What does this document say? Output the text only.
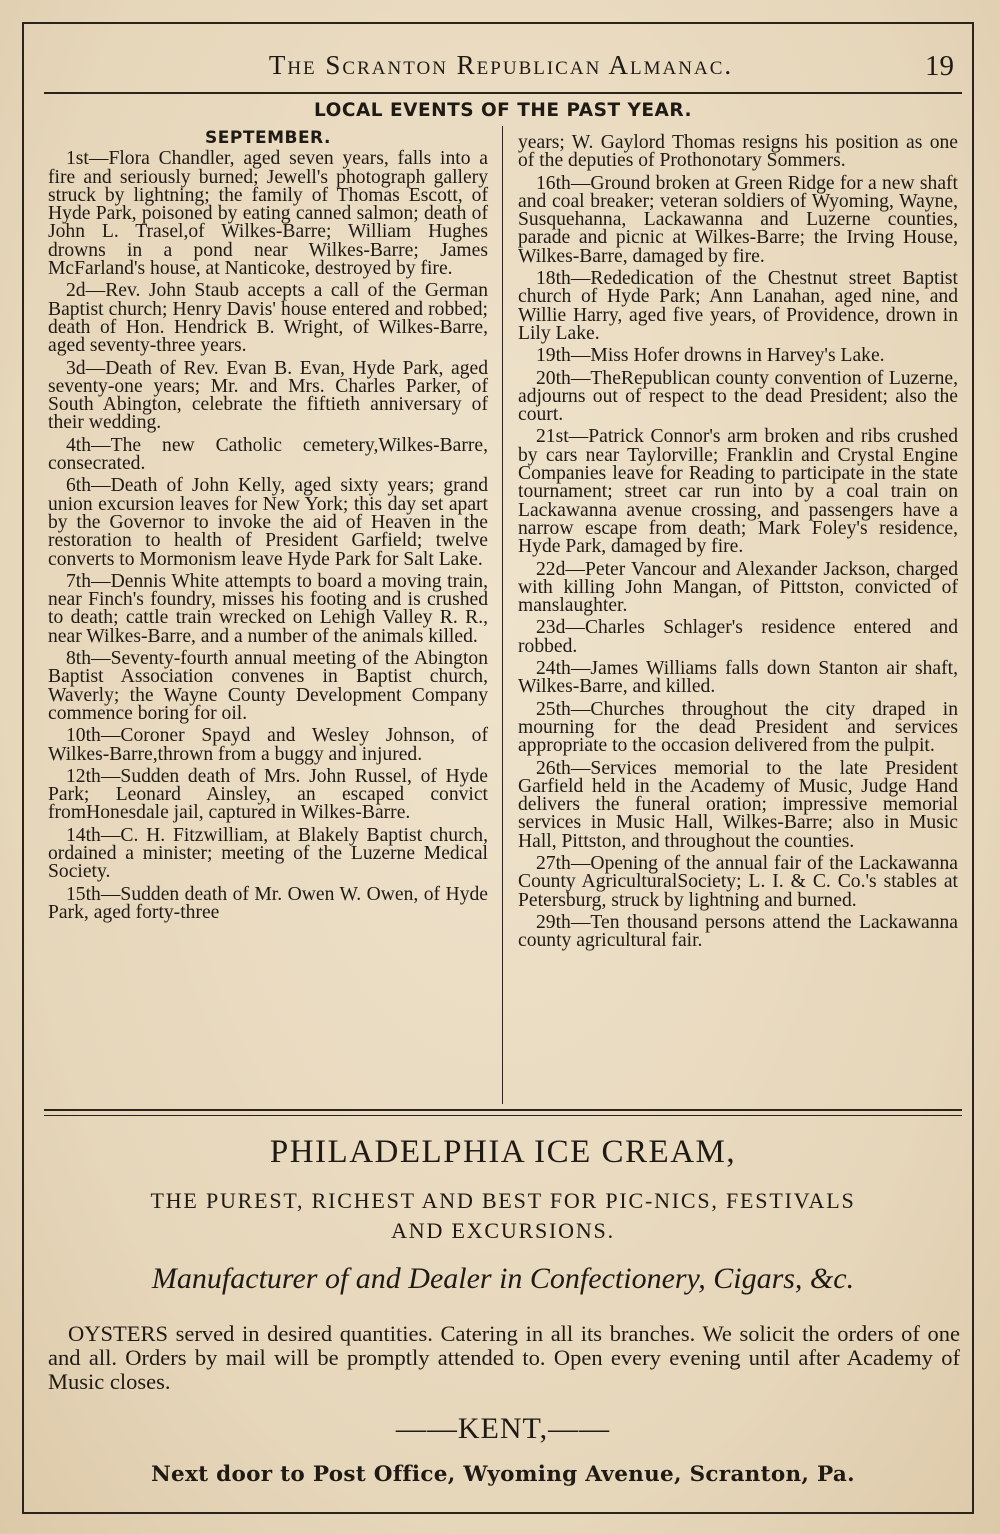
The Scranton Republican Almanac.	19
LOCAL EVENTS OF THE PAST YEAR.
SEPTEMBER.

1st—Flora Chandler, aged seven years, falls into a fire and seriously burned; Jewell's photograph gallery struck by lightning; the family of Thomas Escott, of Hyde Park, poisoned by eating canned salmon; death of John L. Trasel,of Wilkes-Barre; William Hughes drowns in a pond near Wilkes-Barre; James McFarland's house, at Nanticoke, destroyed by fire.

2d—Rev. John Staub accepts a call of the German Baptist church; Henry Davis' house entered and robbed; death of Hon. Hendrick B. Wright, of Wilkes-Barre, aged seventy-three years.

3d—Death of Rev. Evan B. Evan, Hyde Park, aged seventy-one years; Mr. and Mrs. Charles Parker, of South Abington, celebrate the fiftieth anniversary of their wedding.

4th—The new Catholic cemetery,Wilkes-Barre, consecrated.

6th—Death of John Kelly, aged sixty years; grand union excursion leaves for New York; this day set apart by the Governor to invoke the aid of Heaven in the restoration to health of President Garfield; twelve converts to Mormonism leave Hyde Park for Salt Lake.

7th—Dennis White attempts to board a moving train, near Finch's foundry, misses his footing and is crushed to death; cattle train wrecked on Lehigh Valley R. R., near Wilkes-Barre, and a number of the animals killed.

8th—Seventy-fourth annual meeting of the Abington Baptist Association convenes in Baptist church, Waverly; the Wayne County Development Company commence boring for oil.

10th—Coroner Spayd and Wesley Johnson, of Wilkes-Barre,thrown from a buggy and injured.

12th—Sudden death of Mrs. John Russel, of Hyde Park; Leonard Ainsley, an escaped convict fromHonesdale jail, captured in Wilkes-Barre.

14th—C. H. Fitzwilliam, at Blakely Baptist church, ordained a minister; meeting of the Luzerne Medical Society.

15th—Sudden death of Mr. Owen W. Owen, of Hyde Park, aged forty-three

years; W. Gaylord Thomas resigns his position as one of the deputies of Prothonotary Sommers.

16th—Ground broken at Green Ridge for a new shaft and coal breaker; veteran soldiers of Wyoming, Wayne, Susquehanna, Lackawanna and Luzerne counties, parade and picnic at Wilkes-Barre; the Irving House, Wilkes-Barre, damaged by fire.

18th—Rededication of the Chestnut street Baptist church of Hyde Park; Ann Lanahan, aged nine, and Willie Harry, aged five years, of Providence, drown in Lily Lake.

19th—Miss Hofer drowns in Harvey's Lake.

20th—TheRepublican county convention of Luzerne, adjourns out of respect to the dead President; also the court.

21st—Patrick Connor's arm broken and ribs crushed by cars near Taylorville; Franklin and Crystal Engine Companies leave for Reading to participate in the state tournament; street car run into by a coal train on Lackawanna avenue crossing, and passengers have a narrow escape from death; Mark Foley's residence, Hyde Park, damaged by fire.

22d—Peter Vancour and Alexander Jackson, charged with killing John Mangan, of Pittston, convicted of manslaughter.

23d—Charles Schlager's residence entered and robbed.

24th—James Williams falls down Stanton air shaft, Wilkes-Barre, and killed.

25th—Churches throughout the city draped in mourning for the dead President and services appropriate to the occasion delivered from the pulpit.

26th—Services memorial to the late President Garfield held in the Academy of Music, Judge Hand delivers the funeral oration; impressive memorial services in Music Hall, Wilkes-Barre; also in Music Hall, Pittston, and throughout the counties.

27th—Opening of the annual fair of the Lackawanna County AgriculturalSociety; L. I. & C. Co.'s stables at Petersburg, struck by lightning and burned.

29th—Ten thousand persons attend the Lackawanna county agricultural fair.

PHILADELPHIA ICE CREAM,
THE PUREST, RICHEST AND BEST FOR PIC-NICS, FESTIVALS
AND EXCURSIONS.
Manufacturer of and Dealer in Confectionery, Cigars, &c.
OYSTERS served in desired quantities. Catering in all its branches. We solicit the orders of one and all. Orders by mail will be promptly attended to. Open every evening until after Academy of Music closes.
——KENT,——
Next door to Post Office, Wyoming Avenue, Scranton, Pa.
